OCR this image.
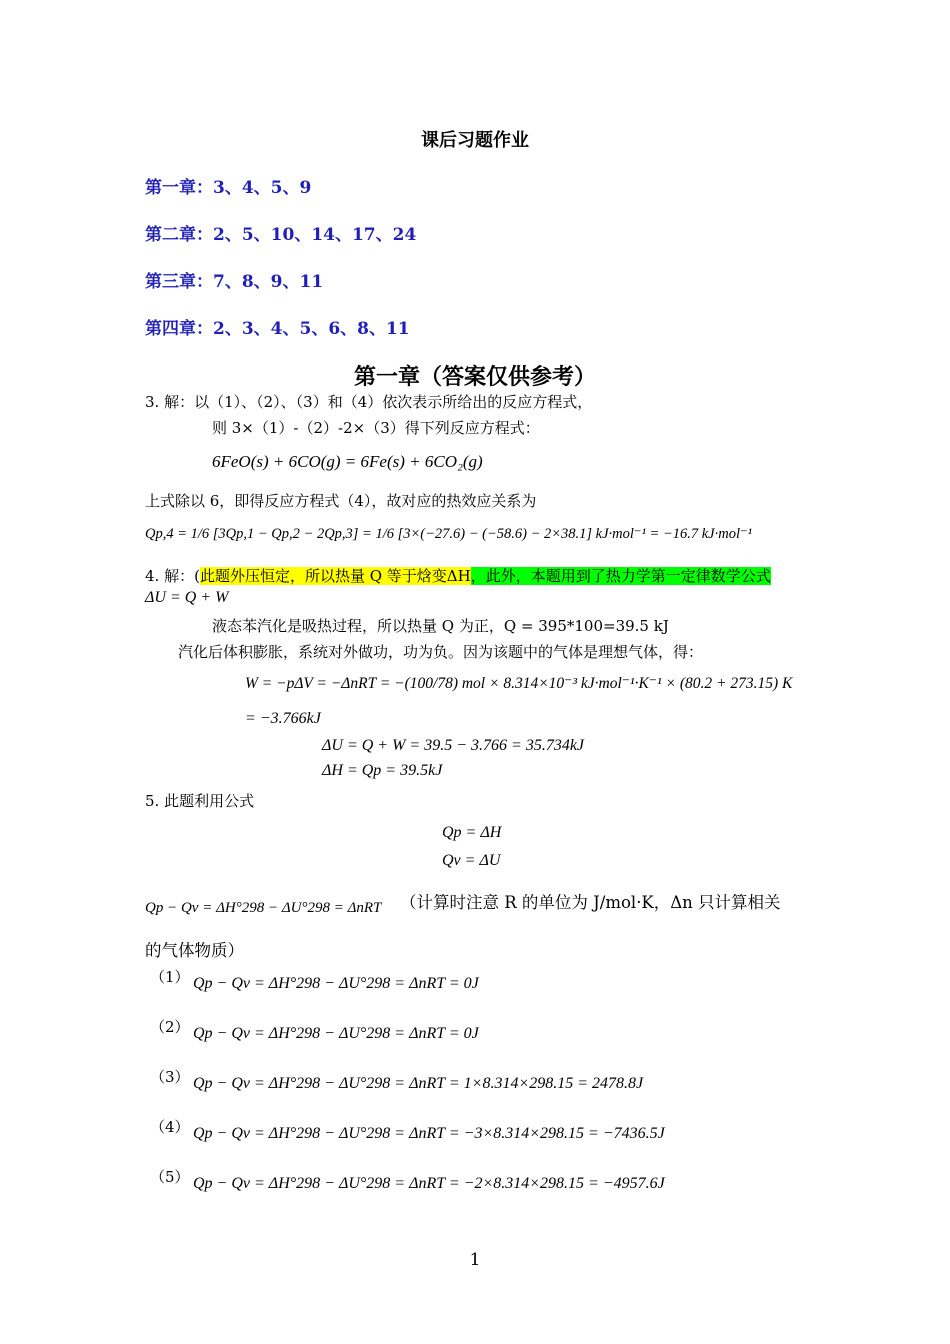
课后习题作业
第一章：3、4、5、9
第二章：2、5、10、14、17、24
第三章：7、8、9、11
第四章：2、3、4、5、6、8、11
第一章（答案仅供参考）
3. 解：以（1）、（2）、（3）和（4）依次表示所给出的反应方程式，
则 3×（1）-（2）-2×（3）得下列反应方程式：
6FeO(s) + 6CO(g) = 6Fe(s) + 6CO₂(g)
上式除以 6，即得反应方程式（4），故对应的热效应关系为
Qp,4 = 1/6 [3Qp,1 − Qp,2 − 2Qp,3] = 1/6 [3×(−27.6) − (−58.6) − 2×38.1] kJ·mol⁻¹ = −16.7 kJ·mol⁻¹
4. 解：(此题外压恒定，所以热量 Q 等于焓变ΔH，此外，本题用到了热力学第一定律数学公式
ΔU = Q + W
液态苯汽化是吸热过程，所以热量 Q 为正，Q = 395*100=39.5 kJ
汽化后体积膨胀，系统对外做功，功为负。因为该题中的气体是理想气体，得：
W = −pΔV = −ΔnRT = −(100/78) mol × 8.314×10⁻³ kJ·mol⁻¹·K⁻¹ × (80.2 + 273.15) K
= −3.766kJ
ΔU = Q + W = 39.5 − 3.766 = 35.734kJ
ΔH = Qp = 39.5kJ
5. 此题利用公式
Qp = ΔH
Qv = ΔU
Qp − Qv = ΔH°298 − ΔU°298 = ΔnRT （计算时注意 R 的单位为 J/mol·K，Δn 只计算相关
的气体物质）
（1） Qp − Qv = ΔH°298 − ΔU°298 = ΔnRT = 0J
（2） Qp − Qv = ΔH°298 − ΔU°298 = ΔnRT = 0J
（3） Qp − Qv = ΔH°298 − ΔU°298 = ΔnRT = 1×8.314×298.15 = 2478.8J
（4） Qp − Qv = ΔH°298 − ΔU°298 = ΔnRT = −3×8.314×298.15 = −7436.5J
（5） Qp − Qv = ΔH°298 − ΔU°298 = ΔnRT = −2×8.314×298.15 = −4957.6J
1
